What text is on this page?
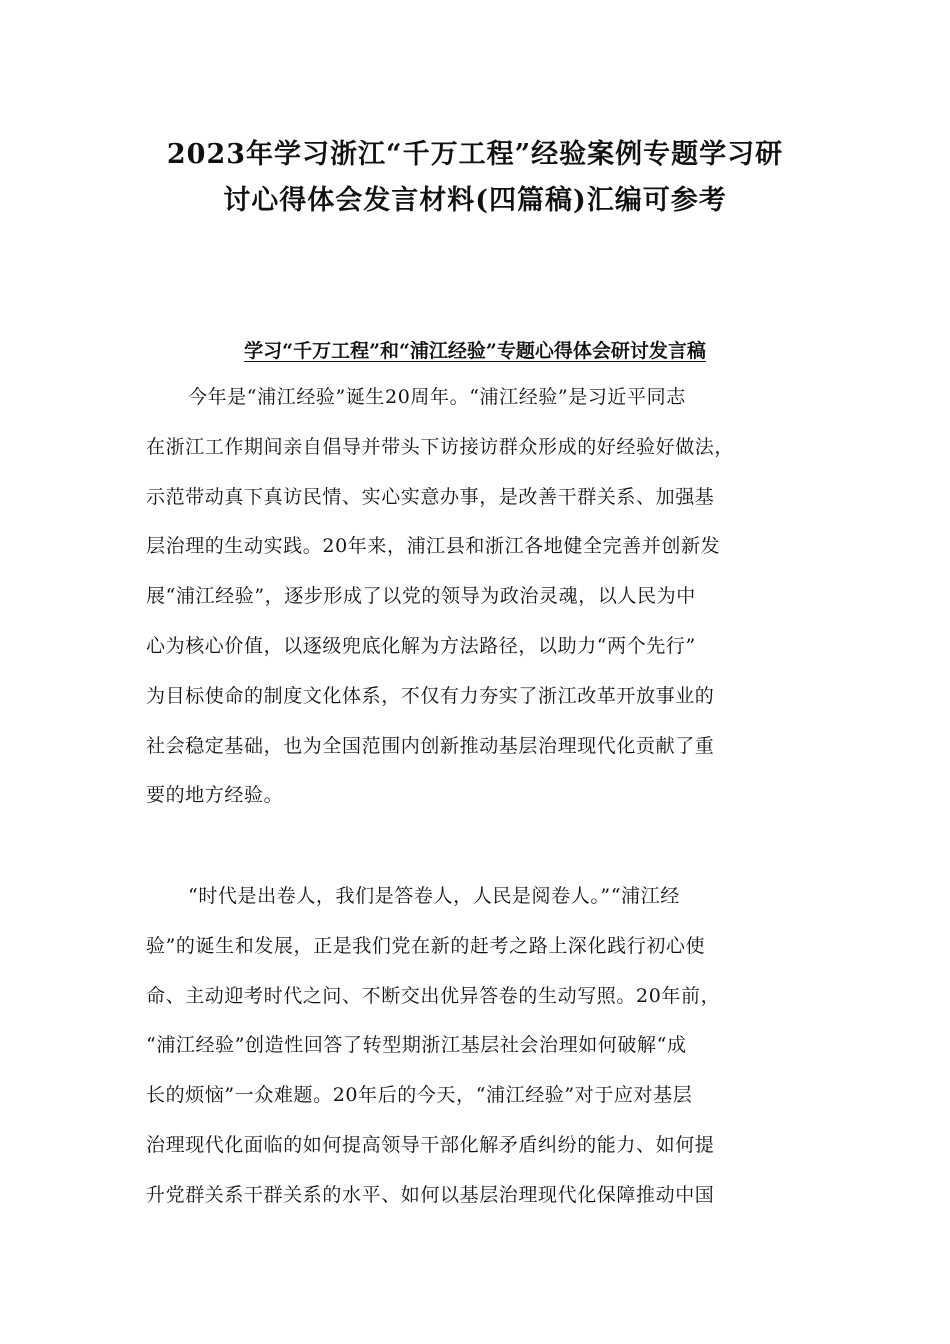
2023年学习浙江“千万工程”经验案例专题学习研
讨心得体会发言材料(四篇稿)汇编可参考
学习“千万工程”和“浦江经验”专题心得体会研讨发言稿
今年是“浦江经验”诞生20周年。“浦江经验”是习近平同志
在浙江工作期间亲自倡导并带头下访接访群众形成的好经验好做法，
示范带动真下真访民情、实心实意办事，是改善干群关系、加强基
层治理的生动实践。20年来，浦江县和浙江各地健全完善并创新发
展“浦江经验”，逐步形成了以党的领导为政治灵魂，以人民为中
心为核心价值，以逐级兜底化解为方法路径，以助力“两个先行”
为目标使命的制度文化体系，不仅有力夯实了浙江改革开放事业的
社会稳定基础，也为全国范围内创新推动基层治理现代化贡献了重
要的地方经验。
“时代是出卷人，我们是答卷人，人民是阅卷人。”“浦江经
验”的诞生和发展，正是我们党在新的赶考之路上深化践行初心使
命、主动迎考时代之问、不断交出优异答卷的生动写照。20年前，
“浦江经验”创造性回答了转型期浙江基层社会治理如何破解“成
长的烦恼”一众难题。20年后的今天，“浦江经验”对于应对基层
治理现代化面临的如何提高领导干部化解矛盾纠纷的能力、如何提
升党群关系干群关系的水平、如何以基层治理现代化保障推动中国
